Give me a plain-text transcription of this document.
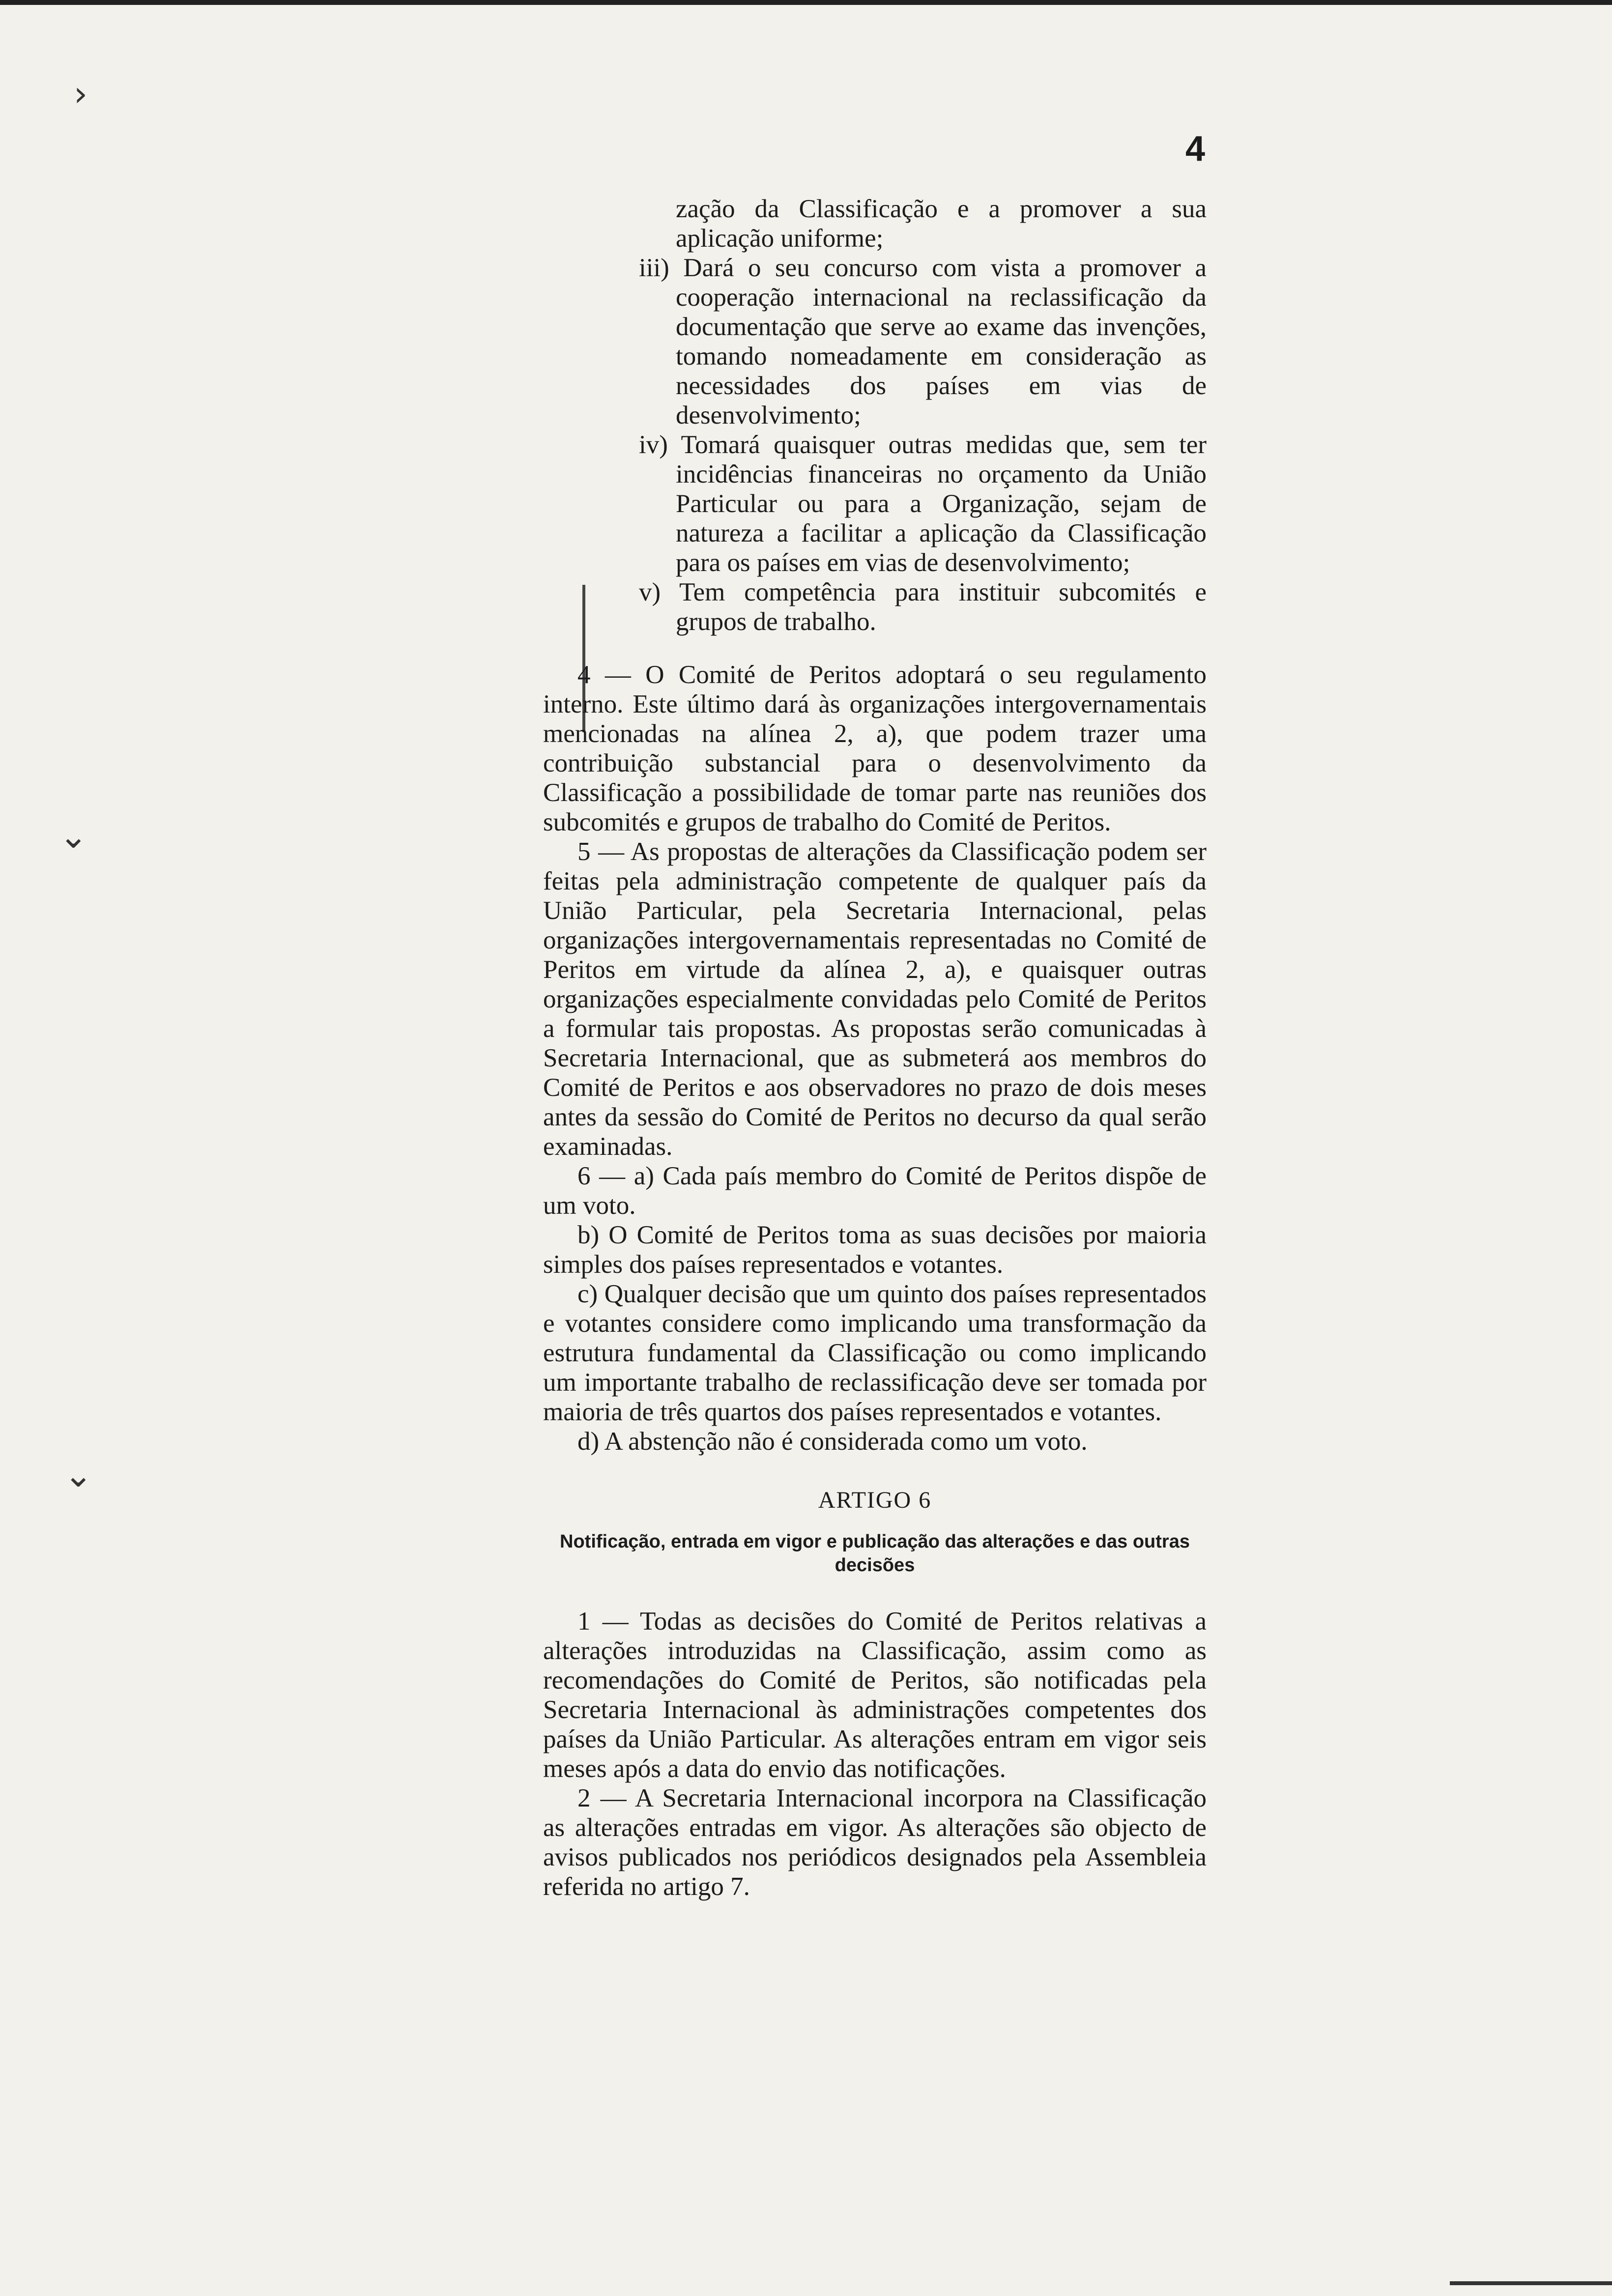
›
⌄
⌄
4

zação da Classificação e a promover a sua aplicação uniforme;

iii) Dará o seu concurso com vista a promover a cooperação internacional na reclassificação da documentação que serve ao exame das invenções, tomando nomeadamente em consideração as necessidades dos países em vias de desenvolvimento;

iv) Tomará quaisquer outras medidas que, sem ter incidências financeiras no orçamento da União Particular ou para a Organização, sejam de natureza a facilitar a aplicação da Classificação para os países em vias de desenvolvimento;

v) Tem competência para instituir subcomités e grupos de trabalho.

4 — O Comité de Peritos adoptará o seu regulamento interno. Este último dará às organizações intergovernamentais mencionadas na alínea 2, a), que podem trazer uma contribuição substancial para o desenvolvimento da Classificação a possibilidade de tomar parte nas reuniões dos subcomités e grupos de trabalho do Comité de Peritos.

5 — As propostas de alterações da Classificação podem ser feitas pela administração competente de qualquer país da União Particular, pela Secretaria Internacional, pelas organizações intergovernamentais representadas no Comité de Peritos em virtude da alínea 2, a), e quaisquer outras organizações especialmente convidadas pelo Comité de Peritos a formular tais propostas. As propostas serão comunicadas à Secretaria Internacional, que as submeterá aos membros do Comité de Peritos e aos observadores no prazo de dois meses antes da sessão do Comité de Peritos no decurso da qual serão examinadas.

6 — a) Cada país membro do Comité de Peritos dispõe de um voto.

b) O Comité de Peritos toma as suas decisões por maioria simples dos países representados e votantes.

c) Qualquer decisão que um quinto dos países representados e votantes considere como implicando uma transformação da estrutura fundamental da Classificação ou como implicando um importante trabalho de reclassificação deve ser tomada por maioria de três quartos dos países representados e votantes.

d) A abstenção não é considerada como um voto.

ARTIGO 6

Notificação, entrada em vigor e publicação das alterações e das outras decisões

1 — Todas as decisões do Comité de Peritos relativas a alterações introduzidas na Classificação, assim como as recomendações do Comité de Peritos, são notificadas pela Secretaria Internacional às administrações competentes dos países da União Particular. As alterações entram em vigor seis meses após a data do envio das notificações.

2 — A Secretaria Internacional incorpora na Classificação as alterações entradas em vigor. As alterações são objecto de avisos publicados nos periódicos designados pela Assembleia referida no artigo 7.
